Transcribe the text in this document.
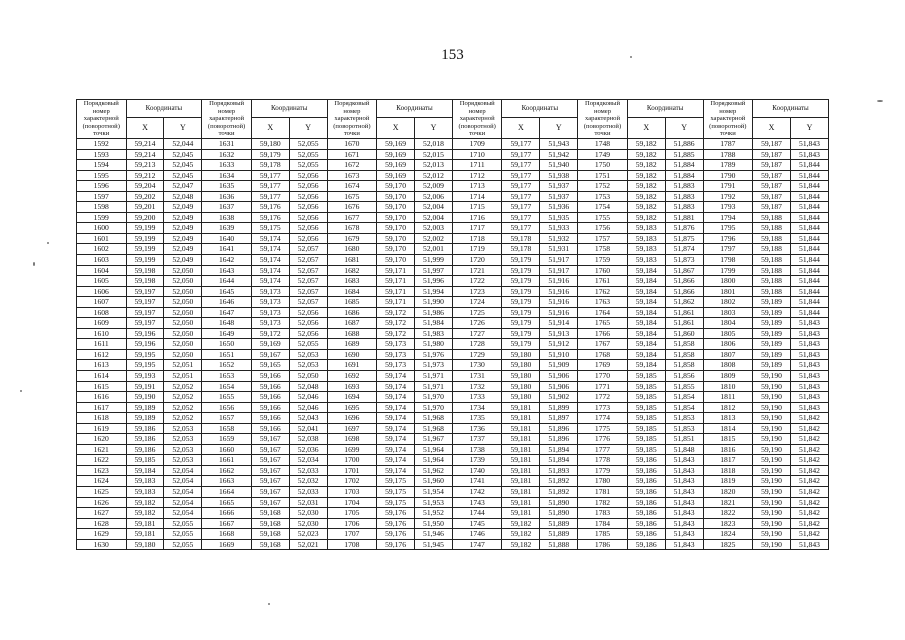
153
Порядковый номер характерной (поворотной) точки	Координаты		Порядковый номер характерной (поворотной) точки	Координаты		Порядковый номер характерной (поворотной) точки	Координаты		Порядковый номер характерной (поворотной) точки	Координаты		Порядковый номер характерной (поворотной) точки	Координаты		Порядковый номер характерной (поворотной) точки	Координаты	
	X	Y		X	Y		X	Y		X	Y		X	Y		X	Y
1592	59,214	52,044	1631	59,180	52,055	1670	59,169	52,018	1709	59,177	51,943	1748	59,182	51,886	1787	59,187	51,843
1593	59,214	52,045	1632	59,179	52,055	1671	59,169	52,015	1710	59,177	51,942	1749	59,182	51,885	1788	59,187	51,843
1594	59,213	52,045	1633	59,178	52,055	1672	59,169	52,013	1711	59,177	51,940	1750	59,182	51,884	1789	59,187	51,844
1595	59,212	52,045	1634	59,177	52,056	1673	59,169	52,012	1712	59,177	51,938	1751	59,182	51,884	1790	59,187	51,844
1596	59,204	52,047	1635	59,177	52,056	1674	59,170	52,009	1713	59,177	51,937	1752	59,182	51,883	1791	59,187	51,844
1597	59,202	52,048	1636	59,177	52,056	1675	59,170	52,006	1714	59,177	51,937	1753	59,182	51,883	1792	59,187	51,844
1598	59,201	52,049	1637	59,176	52,056	1676	59,170	52,004	1715	59,177	51,936	1754	59,182	51,883	1793	59,187	51,844
1599	59,200	52,049	1638	59,176	52,056	1677	59,170	52,004	1716	59,177	51,935	1755	59,182	51,881	1794	59,188	51,844
1600	59,199	52,049	1639	59,175	52,056	1678	59,170	52,003	1717	59,177	51,933	1756	59,183	51,876	1795	59,188	51,844
1601	59,199	52,049	1640	59,174	52,056	1679	59,170	52,002	1718	59,178	51,932	1757	59,183	51,875	1796	59,188	51,844
1602	59,199	52,049	1641	59,174	52,057	1680	59,170	52,001	1719	59,178	51,931	1758	59,183	51,874	1797	59,188	51,844
1603	59,199	52,049	1642	59,174	52,057	1681	59,170	51,999	1720	59,179	51,917	1759	59,183	51,873	1798	59,188	51,844
1604	59,198	52,050	1643	59,174	52,057	1682	59,171	51,997	1721	59,179	51,917	1760	59,184	51,867	1799	59,188	51,844
1605	59,198	52,050	1644	59,174	52,057	1683	59,171	51,996	1722	59,179	51,916	1761	59,184	51,866	1800	59,188	51,844
1606	59,197	52,050	1645	59,173	52,057	1684	59,171	51,994	1723	59,179	51,916	1762	59,184	51,866	1801	59,188	51,844
1607	59,197	52,050	1646	59,173	52,057	1685	59,171	51,990	1724	59,179	51,916	1763	59,184	51,862	1802	59,189	51,844
1608	59,197	52,050	1647	59,173	52,056	1686	59,172	51,986	1725	59,179	51,916	1764	59,184	51,861	1803	59,189	51,844
1609	59,197	52,050	1648	59,173	52,056	1687	59,172	51,984	1726	59,179	51,914	1765	59,184	51,861	1804	59,189	51,843
1610	59,196	52,050	1649	59,172	52,056	1688	59,172	51,983	1727	59,179	51,913	1766	59,184	51,860	1805	59,189	51,843
1611	59,196	52,050	1650	59,169	52,055	1689	59,173	51,980	1728	59,179	51,912	1767	59,184	51,858	1806	59,189	51,843
1612	59,195	52,050	1651	59,167	52,053	1690	59,173	51,976	1729	59,180	51,910	1768	59,184	51,858	1807	59,189	51,843
1613	59,195	52,051	1652	59,165	52,053	1691	59,173	51,973	1730	59,180	51,909	1769	59,184	51,858	1808	59,189	51,843
1614	59,193	52,051	1653	59,166	52,050	1692	59,174	51,971	1731	59,180	51,906	1770	59,185	51,856	1809	59,190	51,843
1615	59,191	52,052	1654	59,166	52,048	1693	59,174	51,971	1732	59,180	51,906	1771	59,185	51,855	1810	59,190	51,843
1616	59,190	52,052	1655	59,166	52,046	1694	59,174	51,970	1733	59,180	51,902	1772	59,185	51,854	1811	59,190	51,843
1617	59,189	52,052	1656	59,166	52,046	1695	59,174	51,970	1734	59,181	51,899	1773	59,185	51,854	1812	59,190	51,843
1618	59,189	52,052	1657	59,166	52,043	1696	59,174	51,968	1735	59,181	51,897	1774	59,185	51,853	1813	59,190	51,842
1619	59,186	52,053	1658	59,166	52,041	1697	59,174	51,968	1736	59,181	51,896	1775	59,185	51,853	1814	59,190	51,842
1620	59,186	52,053	1659	59,167	52,038	1698	59,174	51,967	1737	59,181	51,896	1776	59,185	51,851	1815	59,190	51,842
1621	59,186	52,053	1660	59,167	52,036	1699	59,174	51,964	1738	59,181	51,894	1777	59,185	51,848	1816	59,190	51,842
1622	59,185	52,053	1661	59,167	52,034	1700	59,174	51,964	1739	59,181	51,894	1778	59,186	51,843	1817	59,190	51,842
1623	59,184	52,054	1662	59,167	52,033	1701	59,174	51,962	1740	59,181	51,893	1779	59,186	51,843	1818	59,190	51,842
1624	59,183	52,054	1663	59,167	52,032	1702	59,175	51,960	1741	59,181	51,892	1780	59,186	51,843	1819	59,190	51,842
1625	59,183	52,054	1664	59,167	52,033	1703	59,175	51,954	1742	59,181	51,892	1781	59,186	51,843	1820	59,190	51,842
1626	59,182	52,054	1665	59,167	52,031	1704	59,175	51,953	1743	59,181	51,890	1782	59,186	51,843	1821	59,190	51,842
1627	59,182	52,054	1666	59,168	52,030	1705	59,176	51,952	1744	59,181	51,890	1783	59,186	51,843	1822	59,190	51,842
1628	59,181	52,055	1667	59,168	52,030	1706	59,176	51,950	1745	59,182	51,889	1784	59,186	51,843	1823	59,190	51,842
1629	59,181	52,055	1668	59,168	52,023	1707	59,176	51,946	1746	59,182	51,889	1785	59,186	51,843	1824	59,190	51,842
1630	59,180	52,055	1669	59,168	52,021	1708	59,176	51,945	1747	59,182	51,888	1786	59,186	51,843	1825	59,190	51,843
